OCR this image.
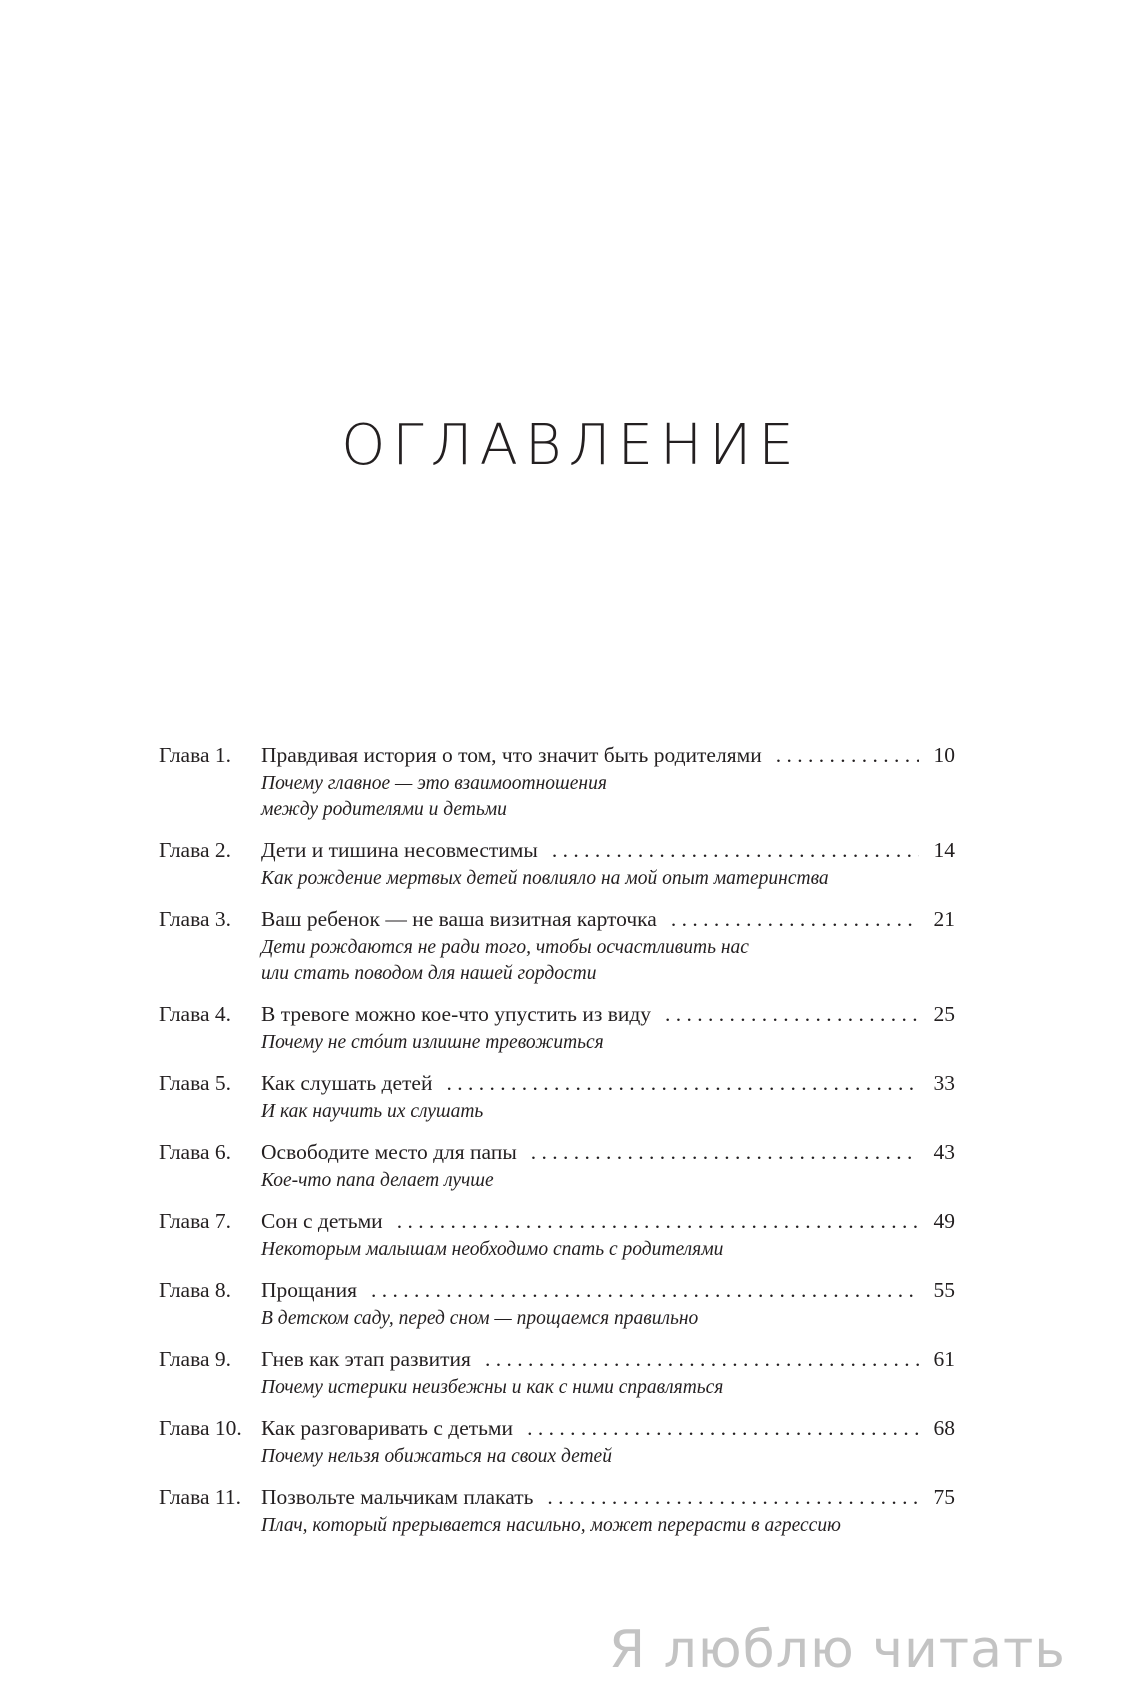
ОГЛАВЛЕНИЕ
Глава 1.	Правдивая история о том, что значит быть родителями . . .	10
Почему главное — это взаимоотношения
между родителями и детьми
Глава 2.	Дети и тишина несовместимы . . .	14
Как рождение мертвых детей повлияло на мой опыт материнства
Глава 3.	Ваш ребенок — не ваша визитная карточка . . .	21
Дети рождаются не ради того, чтобы осчастливить нас
или стать поводом для нашей гордости
Глава 4.	В тревоге можно кое-что упустить из виду . . .	25
Почему не стóит излишне тревожиться
Глава 5.	Как слушать детей . . .	33
И как научить их слушать
Глава 6.	Освободите место для папы . . .	43
Кое-что папа делает лучше
Глава 7.	Сон с детьми . . .	49
Некоторым малышам необходимо спать с родителями
Глава 8.	Прощания . . .	55
В детском саду, перед сном — прощаемся правильно
Глава 9.	Гнев как этап развития . . .	61
Почему истерики неизбежны и как с ними справляться
Глава 10. Как разговаривать с детьми . . .	68
Почему нельзя обижаться на своих детей
Глава 11. Позвольте мальчикам плакать . . .	75
Плач, который прерывается насильно, может перерасти в агрессию
Я люблю читать
